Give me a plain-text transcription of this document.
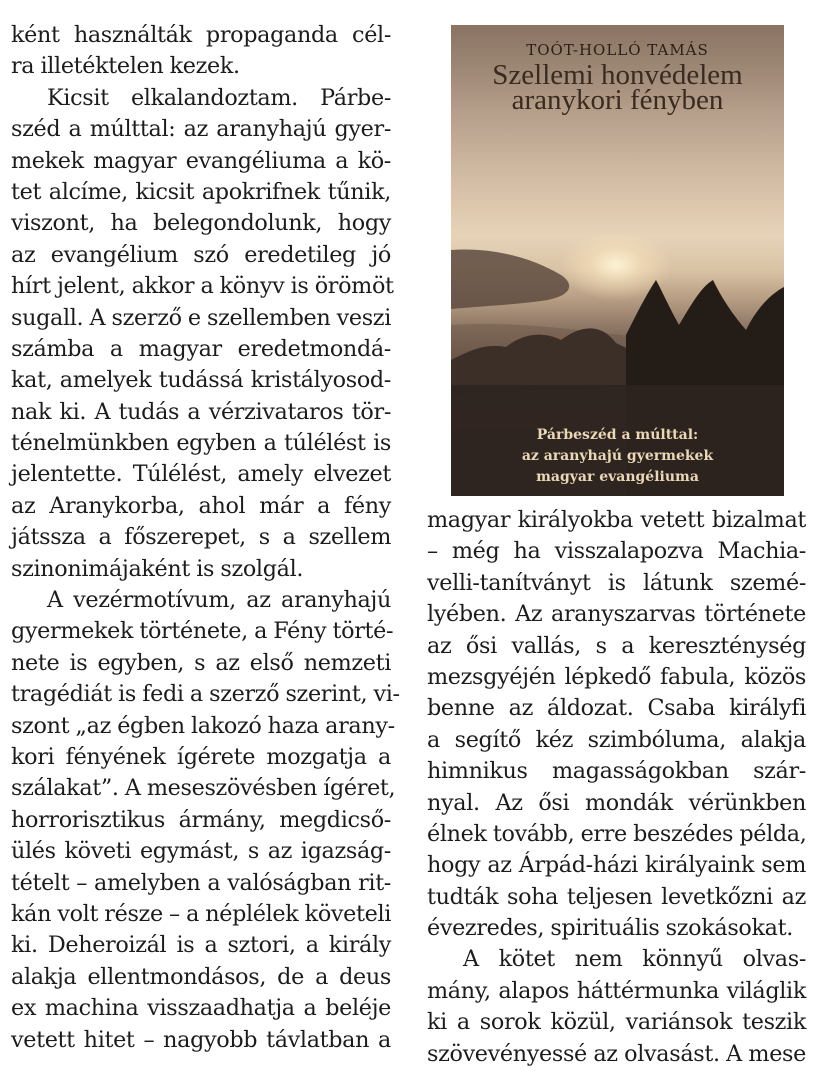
ként használták propaganda cél-
ra illetéktelen kezek.
Kicsit elkalandoztam. Párbe-
széd a múlttal: az aranyhajú gyer-
mekek magyar evangéliuma a kö-
tet alcíme, kicsit apokrifnek tűnik,
viszont, ha belegondolunk, hogy
az evangélium szó eredetileg jó
hírt jelent, akkor a könyv is örömöt
sugall. A szerző e szellemben veszi
számba a magyar eredetmondá-
kat, amelyek tudássá kristályosod-
nak ki. A tudás a vérzivataros tör-
ténelmünkben egyben a túlélést is
jelentette. Túlélést, amely elvezet
az Aranykorba, ahol már a fény
játssza a főszerepet, s a szellem
szinonimájaként is szolgál.
A vezérmotívum, az aranyhajú
gyermekek története, a Fény törté-
nete is egyben, s az első nemzeti
tragédiát is fedi a szerző szerint, vi-
szont „az égben lakozó haza arany-
kori fényének ígérete mozgatja a
szálakat”. A meseszövésben ígéret,
horrorisztikus ármány, megdicső-
ülés követi egymást, s az igazság-
tételt – amelyben a valóságban rit-
kán volt része – a néplélek követeli
ki. Deheroizál is a sztori, a király
alakja ellentmondásos, de a deus
ex machina visszaadhatja a beléje
vetett hitet – nagyobb távlatban a
TOÓT-HOLLÓ TAMÁS
Szellemi honvédelem
aranykori fényben
Párbeszéd a múlttal:
az aranyhajú gyermekek
magyar evangéliuma
magyar királyokba vetett bizalmat
– még ha visszalapozva Machia-
velli-tanítványt is látunk szemé-
lyében. Az aranyszarvas története
az ősi vallás, s a kereszténység
mezsgyéjén lépkedő fabula, közös
benne az áldozat. Csaba királyfi
a segítő kéz szimbóluma, alakja
himnikus magasságokban szár-
nyal. Az ősi mondák vérünkben
élnek tovább, erre beszédes példa,
hogy az Árpád-házi királyaink sem
tudták soha teljesen levetkőzni az
évezredes, spirituális szokásokat.
A kötet nem könnyű olvas-
mány, alapos háttérmunka világlik
ki a sorok közül, variánsok teszik
szövevényessé az olvasást. A mese
